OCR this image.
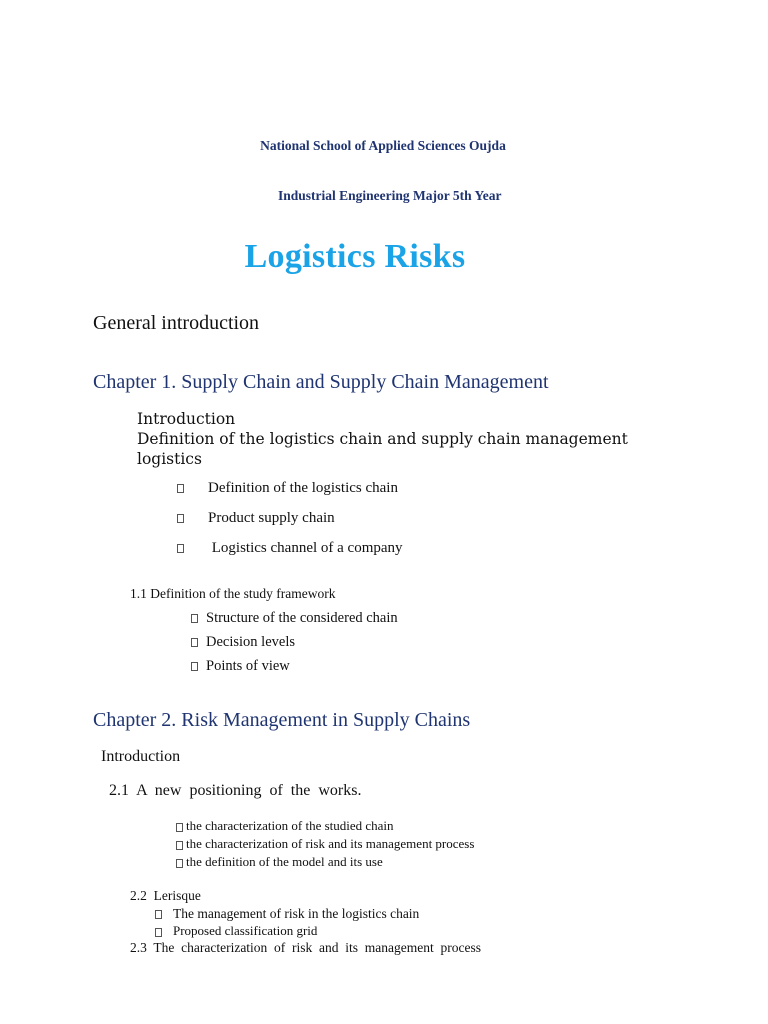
National School of Applied Sciences Oujda
Industrial Engineering Major 5th Year
Logistics Risks
General introduction
Chapter 1. Supply Chain and Supply Chain Management
Introduction
Definition of the logistics chain and supply chain management
logistics
Definition of the logistics chain
Product supply chain
Logistics channel of a company
1.1 Definition of the study framework
Structure of the considered chain
Decision levels
Points of view
Chapter 2. Risk Management in Supply Chains
Introduction
2.1  A  new  positioning  of  the  works.
the characterization of the studied chain
the characterization of risk and its management process
the definition of the model and its use
2.2  Lerisque
The management of risk in the logistics chain
Proposed classification grid
2.3  The  characterization  of  risk  and  its  management  process
